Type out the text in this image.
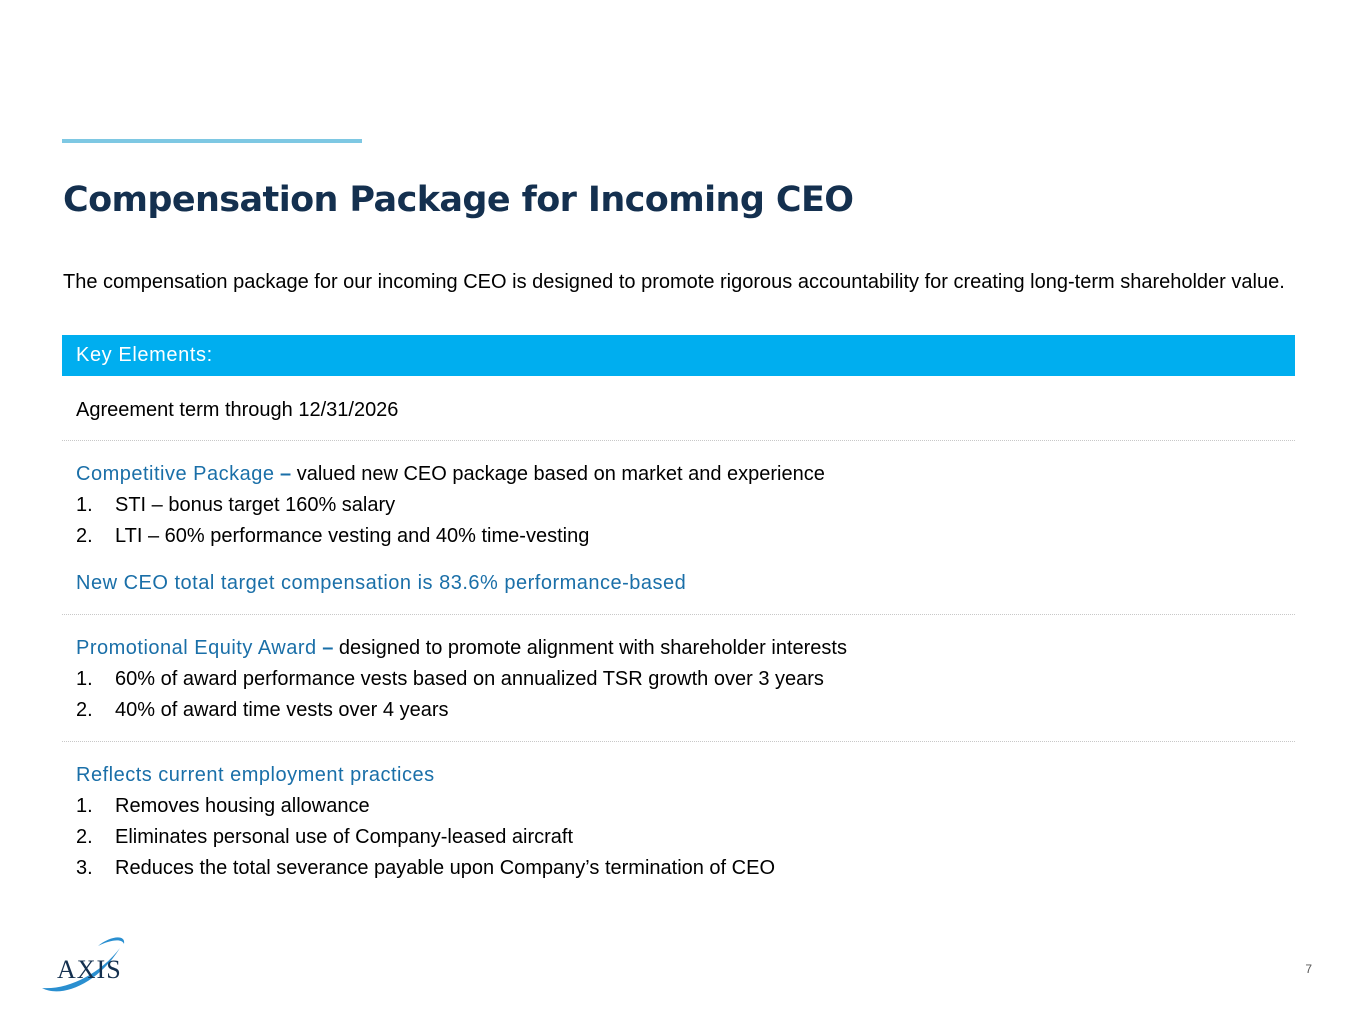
Compensation Package for Incoming CEO

The compensation package for our incoming CEO is designed to promote rigorous accountability for creating long-term shareholder value.

Key Elements:
Agreement term through 12/31/2026
Competitive Package – valued new CEO package based on market and experience
1. STI – bonus target 160% salary
2. LTI – 60% performance vesting and 40% time-vesting
New CEO total target compensation is 83.6% performance-based
Promotional Equity Award – designed to promote alignment with shareholder interests
1. 60% of award performance vests based on annualized TSR growth over 3 years
2. 40% of award time vests over 4 years
Reflects current employment practices
1. Removes housing allowance
2. Eliminates personal use of Company-leased aircraft
3. Reduces the total severance payable upon Company’s termination of CEO
AXIS	7
